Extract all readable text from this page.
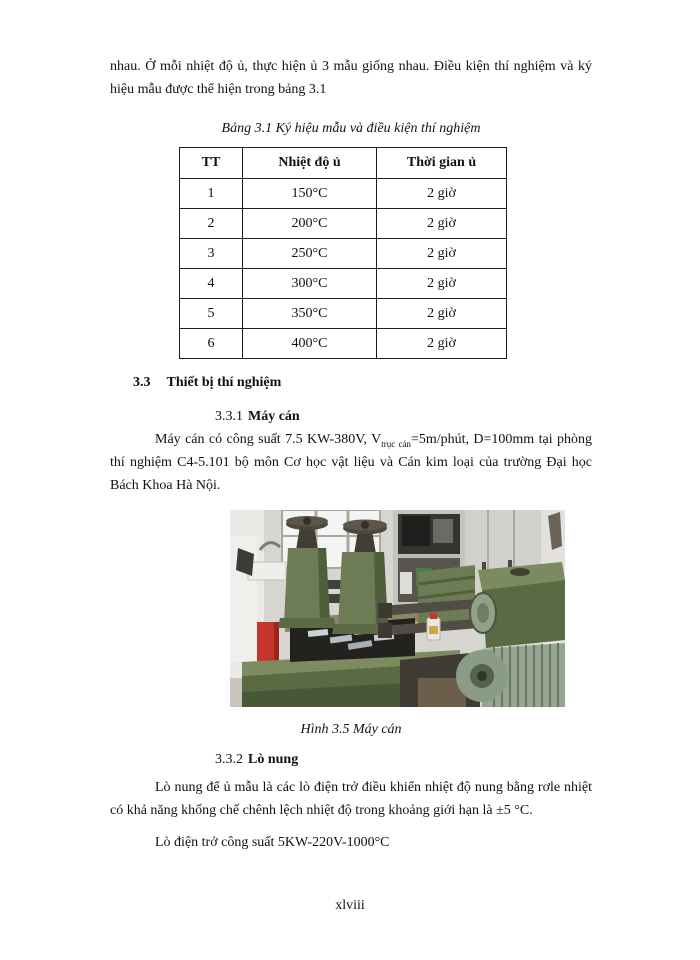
nhau. Ở mỗi nhiệt độ ủ, thực hiện ủ 3 mẫu giống nhau. Điều kiện thí nghiệm và ký
hiệu mẫu được thể hiện trong bảng 3.1
Bảng 3.1 Ký hiệu mẫu và điều kiện thí nghiệm
TT	Nhiệt độ ủ	Thời gian ủ
1	150°C	2 giờ
2	200°C	2 giờ
3	250°C	2 giờ
4	300°C	2 giờ
5	350°C	2 giờ
6	400°C	2 giờ
3.3 Thiết bị thí nghiệm
3.3.1 Máy cán
Máy cán có công suất 7.5 KW-380V, $V_{trục cán}=5m$/phút, D=100mm tại phòng
thí nghiệm C4-5.101 bộ môn Cơ học vật liệu và Cán kim loại của trường Đại học
Bách Khoa Hà Nội.
Hình 3.5 Máy cán
3.3.2 Lò nung
Lò nung để ủ mẫu là các lò điện trở điều khiển nhiệt độ nung bằng rơle nhiệt
có khả năng khống chế chênh lệch nhiệt độ trong khoảng giới hạn là ±5 °C.
Lò điện trở công suất 5KW-220V-1000°C
xlviii
